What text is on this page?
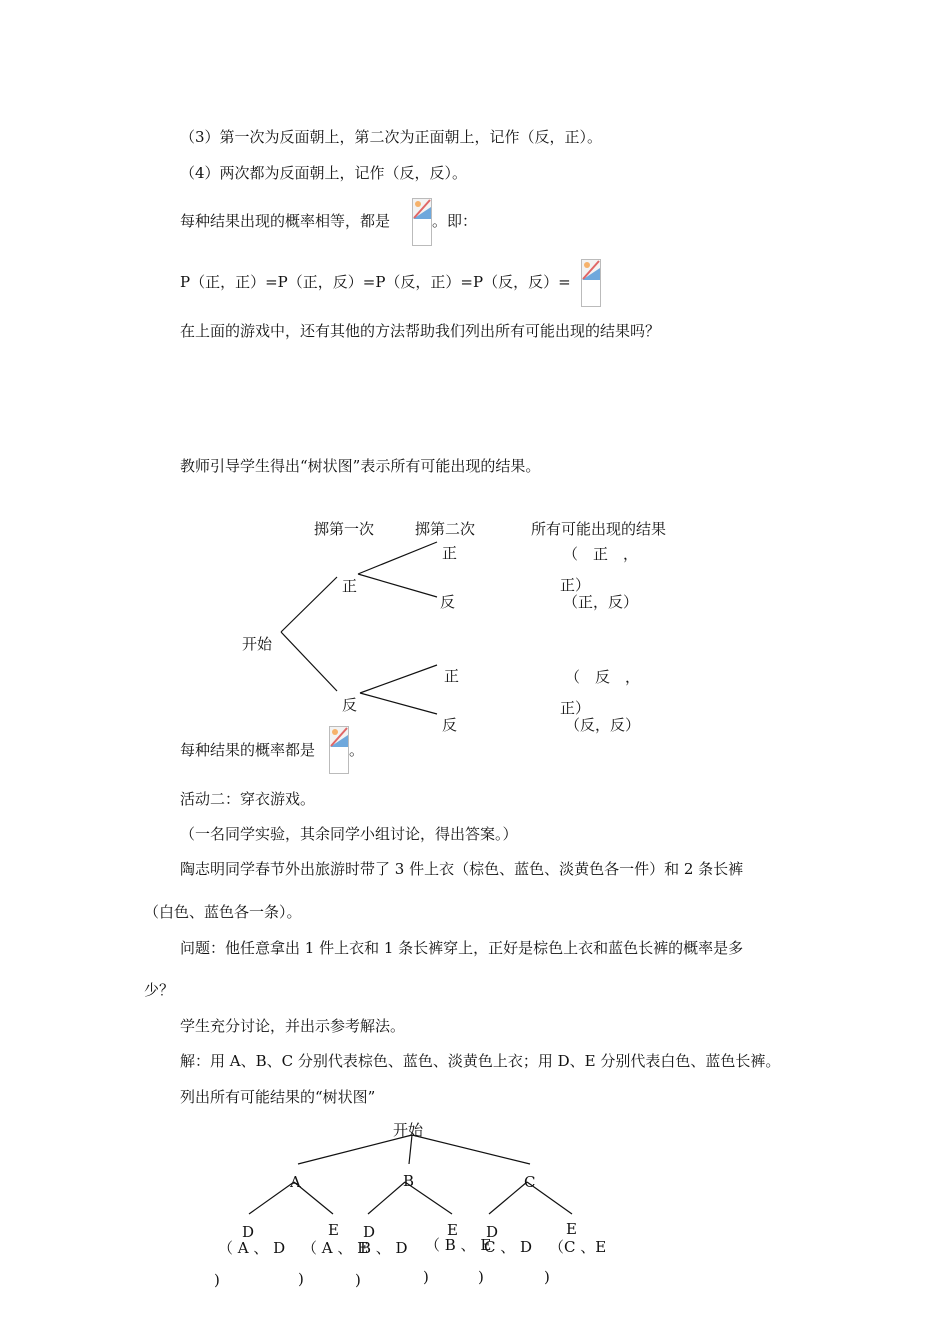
（3）第一次为反面朝上，第二次为正面朝上，记作（反，正）。
（4）两次都为反面朝上，记作（反，反）。
每种结果出现的概率相等，都是	。即：
P（正，正）=P（正，反）=P（反，正）=P（反，反）=
在上面的游戏中，还有其他的方法帮助我们列出所有可能出现的结果吗？
教师引导学生得出“树状图”表示所有可能出现的结果。
掷第一次	掷第二次	所有可能出现的结果
开始
正
反
正
反
正
反
（　正　，
正）
（正，反）
（　反　，
正）
（反，反）
每种结果的概率都是 。
活动二：穿衣游戏。
（一名同学实验，其余同学小组讨论，得出答案。）
陶志明同学春节外出旅游时带了 3 件上衣（棕色、蓝色、淡黄色各一件）和 2 条长裤
（白色、蓝色各一条）。
问题：他任意拿出 1 件上衣和 1 条长裤穿上，正好是棕色上衣和蓝色长裤的概率是多
少？
学生充分讨论，并出示参考解法。
解：用 A、B、C 分别代表棕色、蓝色、淡黄色上衣；用 D、E 分别代表白色、蓝色长裤。
列出所有可能结果的“树状图”
开始
A	B	C
D	E D	E D	E
（ A 、 D （ A 、 E
B 、 D （ B 、 E
C 、 D （C 、E
)	)	)	)	)	)
